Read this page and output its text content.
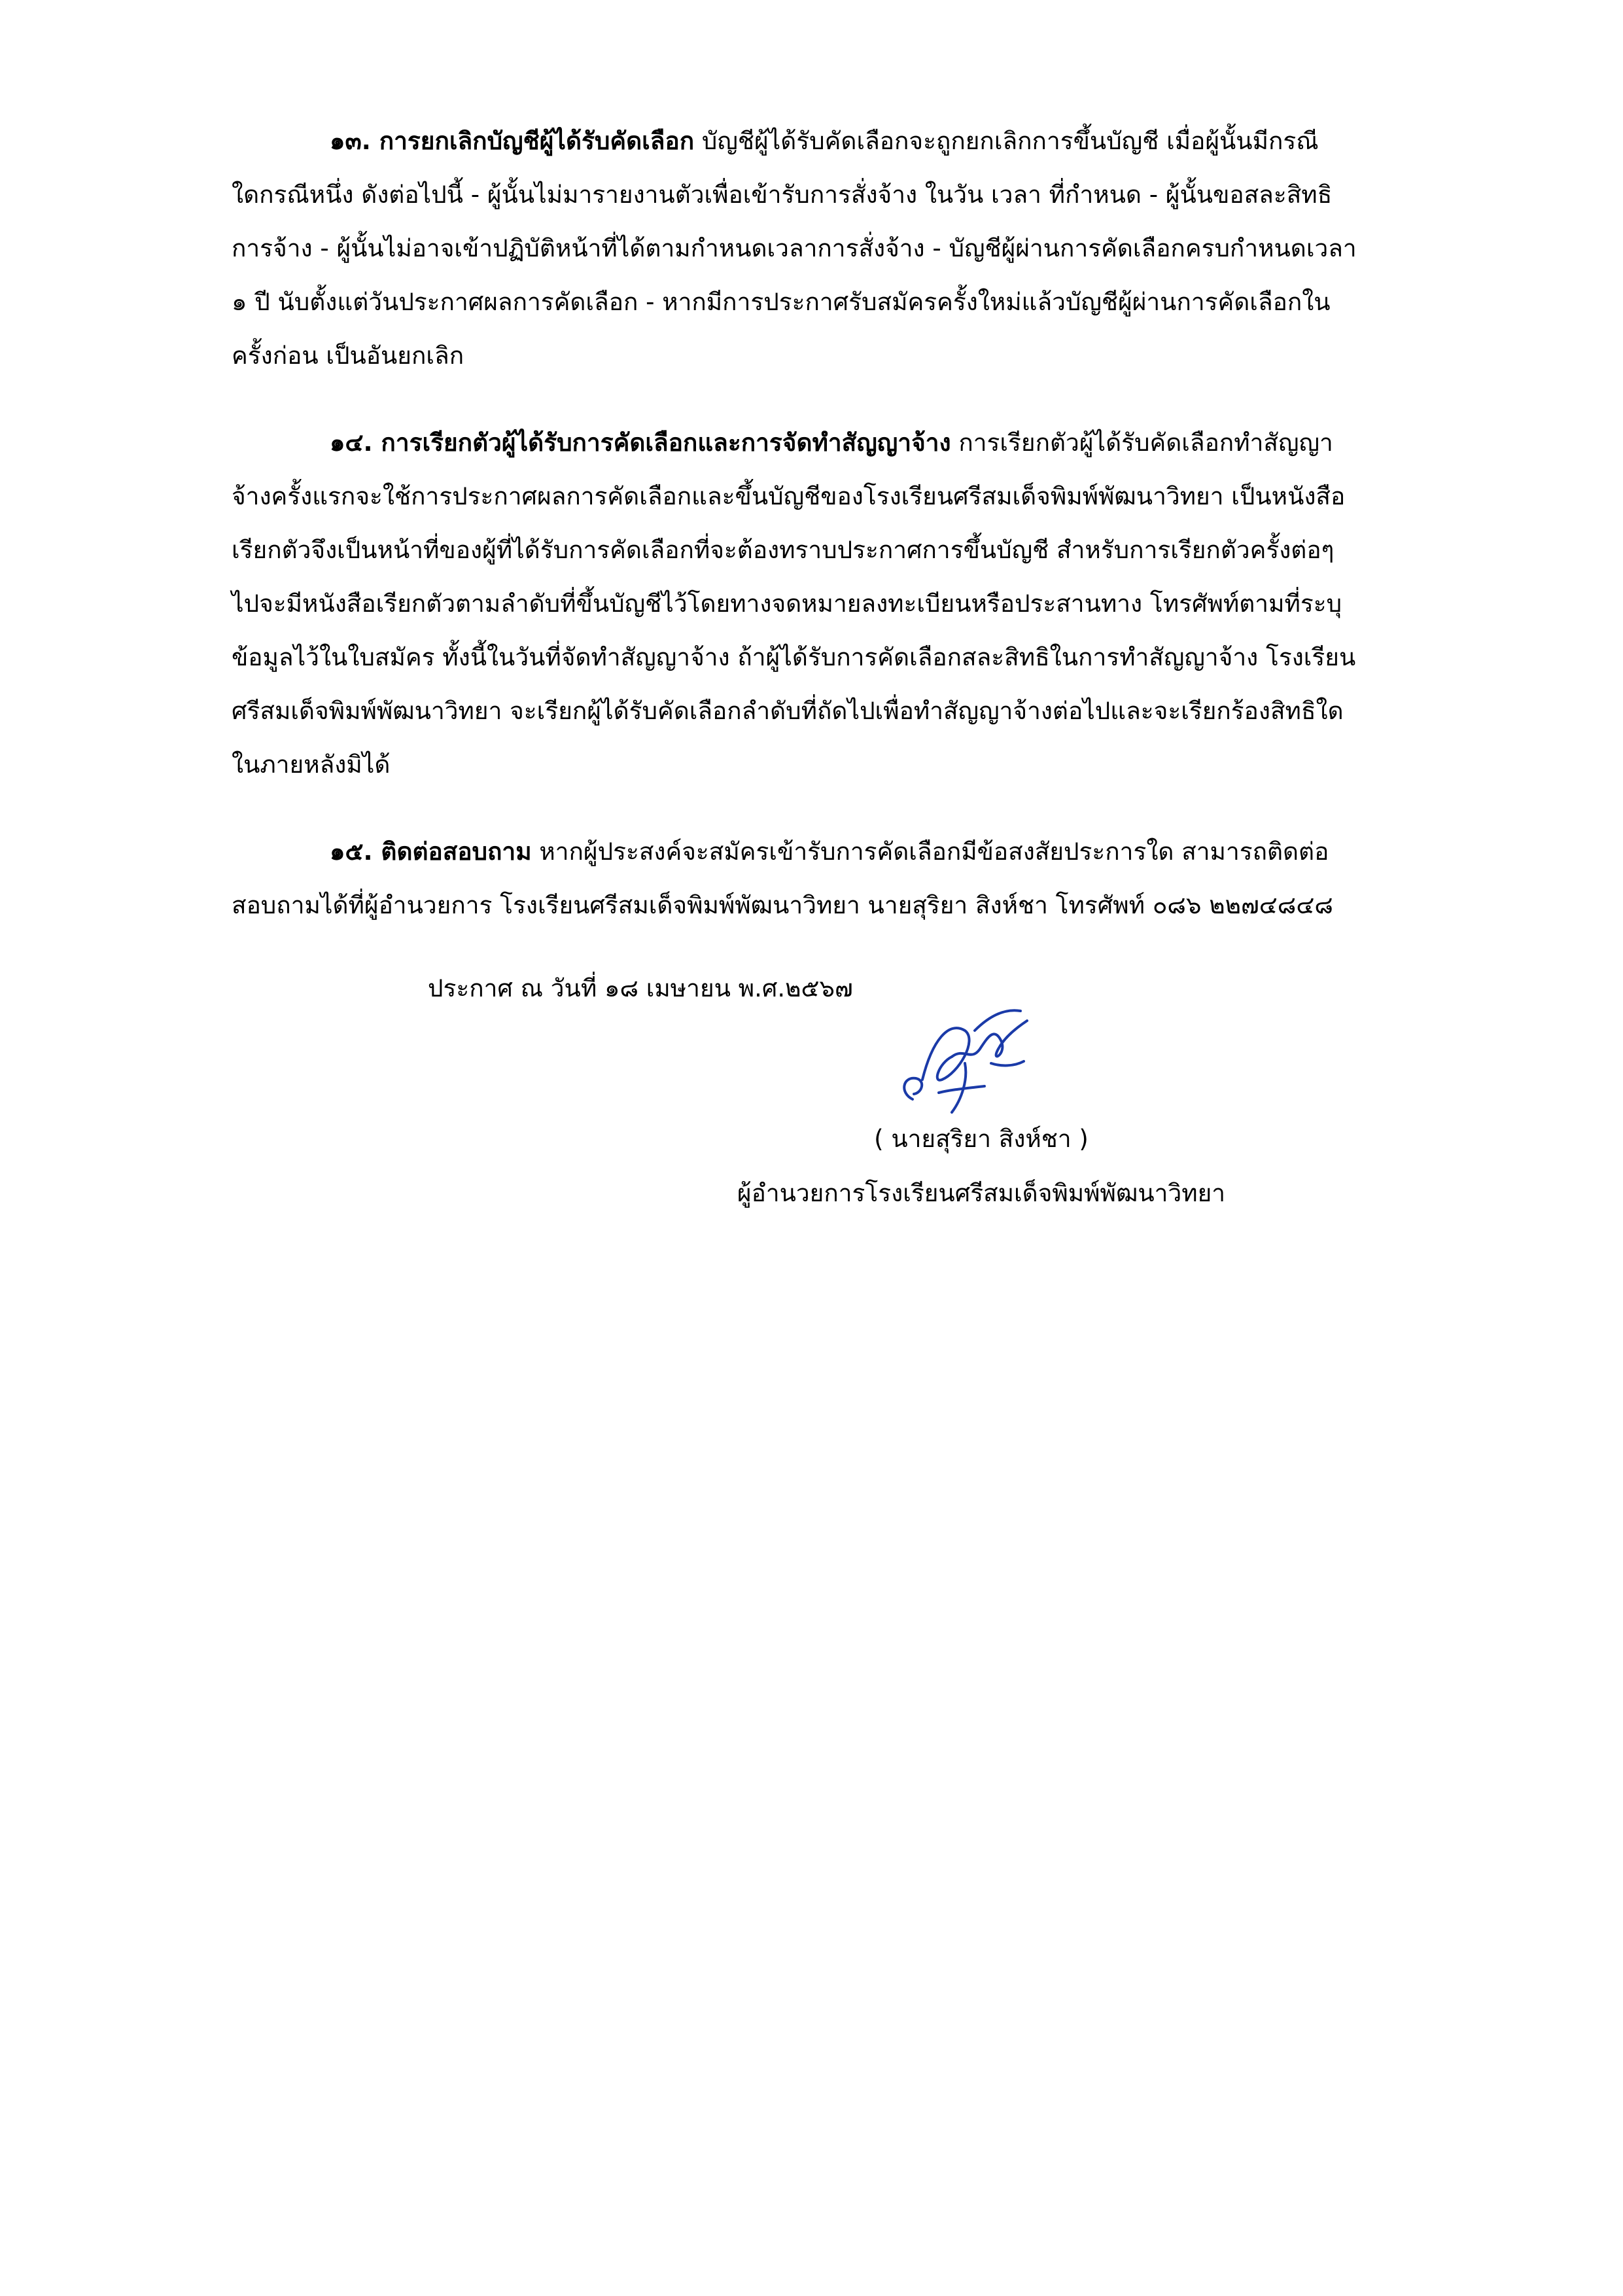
๑๓. การยกเลิกบัญชีผู้ได้รับคัดเลือก บัญชีผู้ได้รับคัดเลือกจะถูกยกเลิกการขึ้นบัญชี เมื่อผู้นั้นมีกรณี
ใดกรณีหนึ่ง ดังต่อไปนี้ - ผู้นั้นไม่มารายงานตัวเพื่อเข้ารับการสั่งจ้าง ในวัน เวลา ที่กำหนด - ผู้นั้นขอสละสิทธิ
การจ้าง - ผู้นั้นไม่อาจเข้าปฏิบัติหน้าที่ได้ตามกำหนดเวลาการสั่งจ้าง - บัญชีผู้ผ่านการคัดเลือกครบกำหนดเวลา
๑ ปี นับตั้งแต่วันประกาศผลการคัดเลือก - หากมีการประกาศรับสมัครครั้งใหม่แล้วบัญชีผู้ผ่านการคัดเลือกใน
ครั้งก่อน เป็นอันยกเลิก
๑๔. การเรียกตัวผู้ได้รับการคัดเลือกและการจัดทำสัญญาจ้าง การเรียกตัวผู้ได้รับคัดเลือกทำสัญญา
จ้างครั้งแรกจะใช้การประกาศผลการคัดเลือกและขึ้นบัญชีของโรงเรียนศรีสมเด็จพิมพ์พัฒนาวิทยา เป็นหนังสือ
เรียกตัวจึงเป็นหน้าที่ของผู้ที่ได้รับการคัดเลือกที่จะต้องทราบประกาศการขึ้นบัญชี สำหรับการเรียกตัวครั้งต่อๆ
ไปจะมีหนังสือเรียกตัวตามลำดับที่ขึ้นบัญชีไว้โดยทางจดหมายลงทะเบียนหรือประสานทาง โทรศัพท์ตามที่ระบุ
ข้อมูลไว้ในใบสมัคร ทั้งนี้ในวันที่จัดทำสัญญาจ้าง ถ้าผู้ได้รับการคัดเลือกสละสิทธิในการทำสัญญาจ้าง โรงเรียน
ศรีสมเด็จพิมพ์พัฒนาวิทยา จะเรียกผู้ได้รับคัดเลือกลำดับที่ถัดไปเพื่อทำสัญญาจ้างต่อไปและจะเรียกร้องสิทธิใด
ในภายหลังมิได้
๑๕. ติดต่อสอบถาม หากผู้ประสงค์จะสมัครเข้ารับการคัดเลือกมีข้อสงสัยประการใด สามารถติดต่อ
สอบถามได้ที่ผู้อำนวยการ โรงเรียนศรีสมเด็จพิมพ์พัฒนาวิทยา นายสุริยา สิงห์ชา โทรศัพท์ ๐๘๖ ๒๒๗๔๘๔๘
ประกาศ ณ วันที่ ๑๘ เมษายน พ.ศ.๒๕๖๗
( นายสุริยา สิงห์ชา )
ผู้อำนวยการโรงเรียนศรีสมเด็จพิมพ์พัฒนาวิทยา
